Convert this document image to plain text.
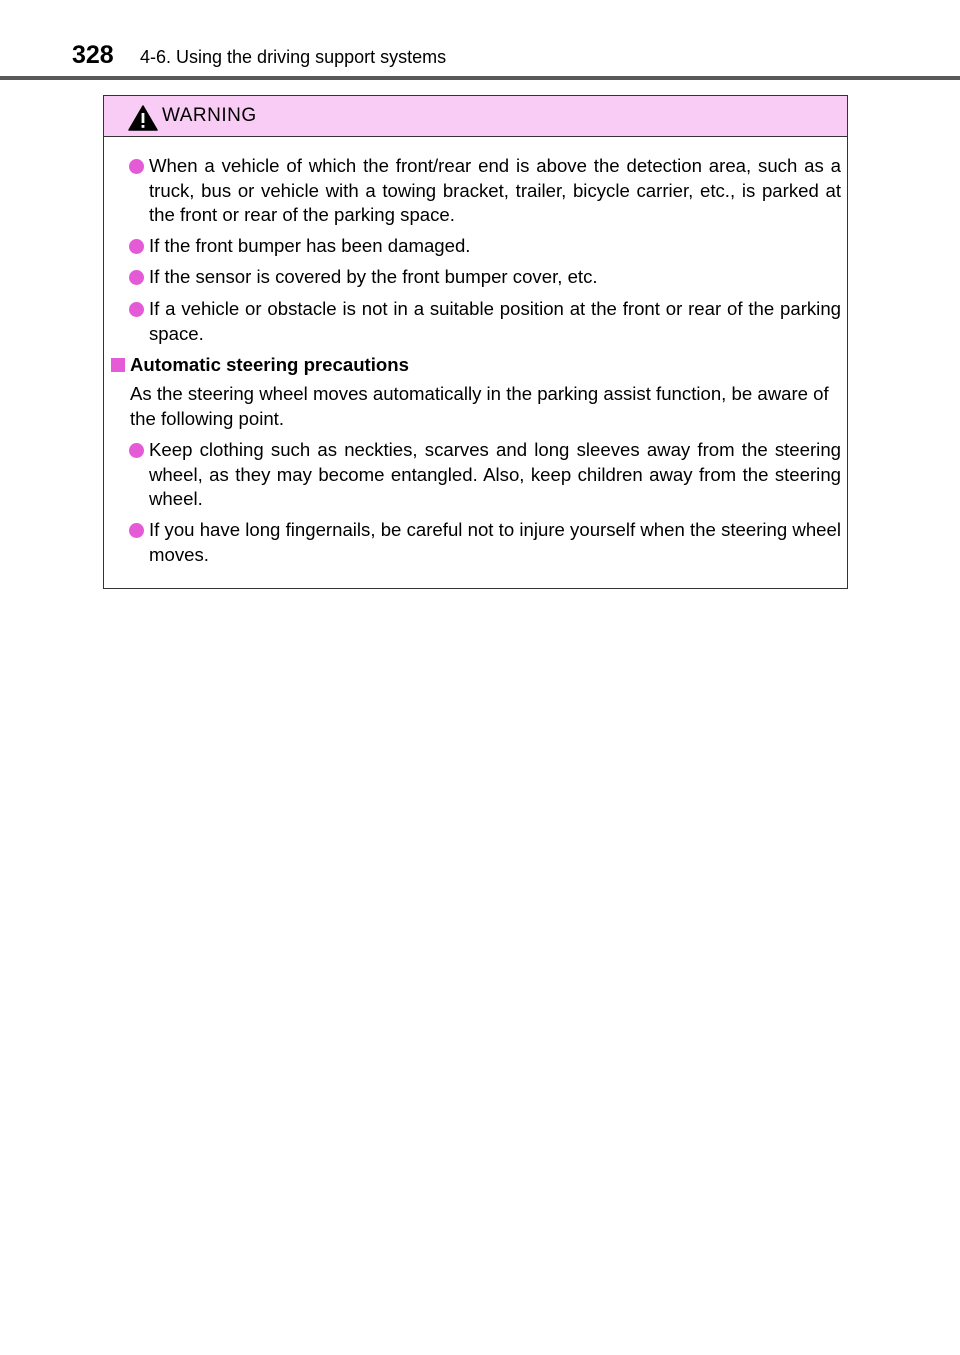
328 4-6. Using the driving support systems
WARNING
When a vehicle of which the front/rear end is above the detection area, such as a truck, bus or vehicle with a towing bracket, trailer, bicycle carrier, etc., is parked at the front or rear of the parking space.
If the front bumper has been damaged.
If the sensor is covered by the front bumper cover, etc.
If a vehicle or obstacle is not in a suitable position at the front or rear of the parking space.
Automatic steering precautions
As the steering wheel moves automatically in the parking assist function, be aware of the following point.
Keep clothing such as neckties, scarves and long sleeves away from the steering wheel, as they may become entangled. Also, keep children away from the steering wheel.
If you have long fingernails, be careful not to injure yourself when the steering wheel moves.
